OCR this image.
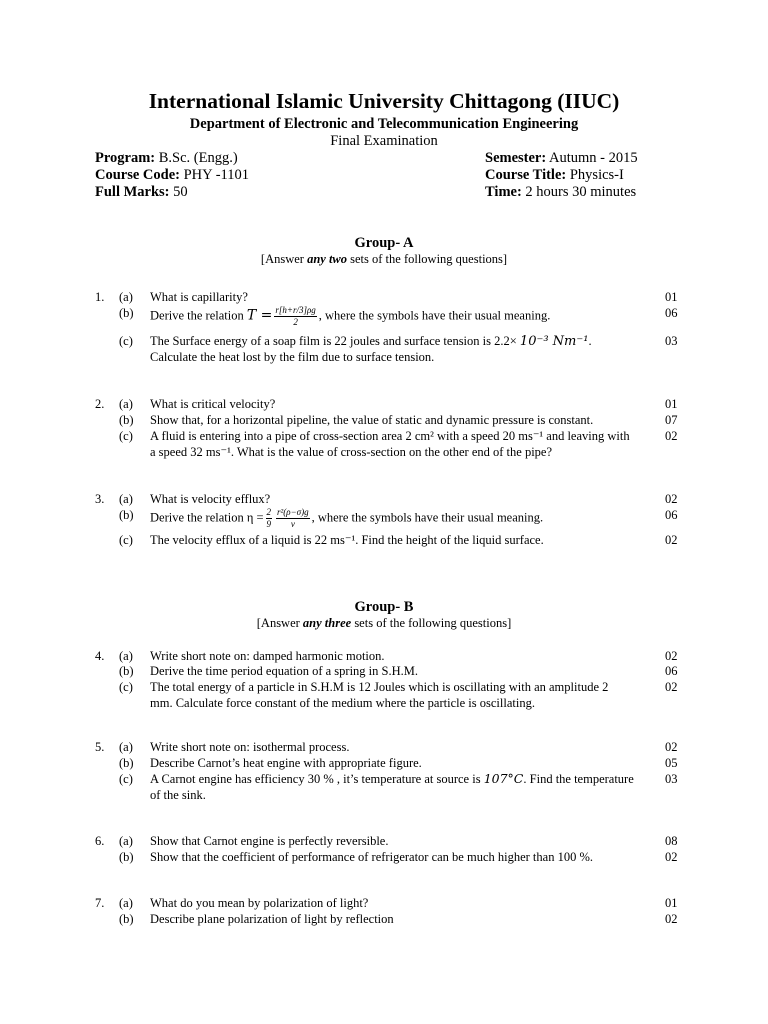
International Islamic University Chittagong (IIUC)
Department of Electronic and Telecommunication Engineering
Final Examination
Program: B.Sc. (Engg.)
Course Code: PHY -1101
Full Marks: 50
Semester: Autumn - 2015
Course Title: Physics-I
Time: 2 hours 30 minutes
Group- A
[Answer any two sets of the following questions]
1. (a) What is capillarity?	01
(b) Derive the relation $T = \frac{r[h+r/3]\rho g}{2}$ , where the symbols have their usual meaning.	06
(c) The Surface energy of a soap film is 22 joules and surface tension is 2.2× 10⁻³ Nm⁻¹.
Calculate the heat lost by the film due to surface tension.
03
2. (a) What is critical velocity?	01
(b) Show that, for a horizontal pipeline, the value of static and dynamic pressure is constant.	07
(c) A fluid is entering into a pipe of cross-section area 2 cm² with a speed 20 ms⁻¹ and leaving with
a speed 32 ms⁻¹. What is the value of cross-section on the other end of the pipe?
02
3. (a) What is velocity efflux?	02
(b) Derive the relation $\eta = \frac{2}{9} \frac{\text{r²(ρ−σ)g}}{v}$ , where the symbols have their usual meaning.	06
(c) The velocity efflux of a liquid is 22 ms⁻¹. Find the height of the liquid surface.	02
Group- B
[Answer any three sets of the following questions]
4. (a) Write short note on: damped harmonic motion.	02
(b) Derive the time period equation of a spring in S.H.M.	06
(c) The total energy of a particle in S.H.M is 12 Joules which is oscillating with an amplitude 2
mm. Calculate force constant of the medium where the particle is oscillating.
02
5. (a) Write short note on: isothermal process.	02
(b) Describe Carnot’s heat engine with appropriate figure.	05
(c) A Carnot engine has efficiency 30 % , it’s temperature at source is 107°C. Find the temperature
of the sink.
03
6. (a) Show that Carnot engine is perfectly reversible.	08
(b) Show that the coefficient of performance of refrigerator can be much higher than 100 %.	02
7. (a) What do you mean by polarization of light?	01
(b) Describe plane polarization of light by reflection	02
